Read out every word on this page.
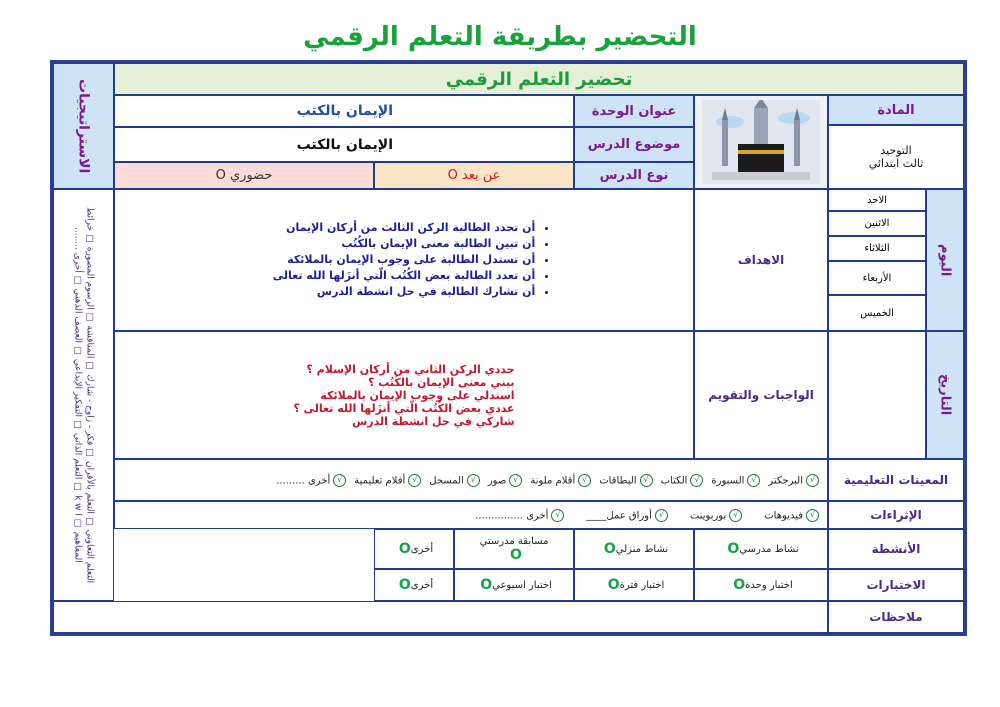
التحضير بطريقة التعلم الرقمي
الاستراتيجيات
التعلم التعاوني □ التعلم بالأقران □ فكر - زاوج - شارك □ المناقشة □ الرسوم المصورة □ خرائط المفاهيم □ k w l □ التعلم الذاتي □ التفكير الإبداعي □ العصف الذهني □ أخرى ........
تحضير التعلم الرقمي
المادة
التوحيد
ثالث ابتدائي
عنوان الوحدة
الإيمان بالكتب
موضوع الدرس
الإيمان بالكتب
نوع الدرس
عن بعد O
حضوري O
اليوم
الاحد
الاثنين
الثلاثاء
الأربعاء
الخميس
التاريخ
الاهداف
• أن تحدد الطالبة الركن الثالث من أركان الإيمان
• أن تبين الطالبة معنى الإيمان بالكُتُب
• أن تستدل الطالبة على وجوب الإيمان بالملائكة
• أن تعدد الطالبة بعض الكُتُب الّتي أنزَلها الله تعالى
• أن تشارك الطالبة في حل انشطة الدرس
الواجبات والتقويم
حددي الركن الثاني من أركان الإسلام ؟
بيني معنى الإيمان بالكُتُب ؟
استدلي على وجوب الإيمان بالملائكة
عددي بعض الكُتُب الّتي أنزَلها الله تعالى ؟
شاركي في حل انشطة الدرس
المعينات التعليمية
√البرجكتر
√السبورة
√الكتاب
√البطاقات
√أقلام ملونة
√صور
√المسجل
√أفلام تعليمية
√أخرى .........
الإثراءات
√فيديوهات
√بوربوينت
√أوراق عمل____
√أخرى ...............
الأنشطة
نشاط مدرسي
O
نشاط منزلي
O
مسابقة مدرستي
O
أخرى
O
الاختبارات
اختبار وحدة
O
اختبار فترة
O
اختبار اسبوعي
O
أخرى
O
ملاحظات
